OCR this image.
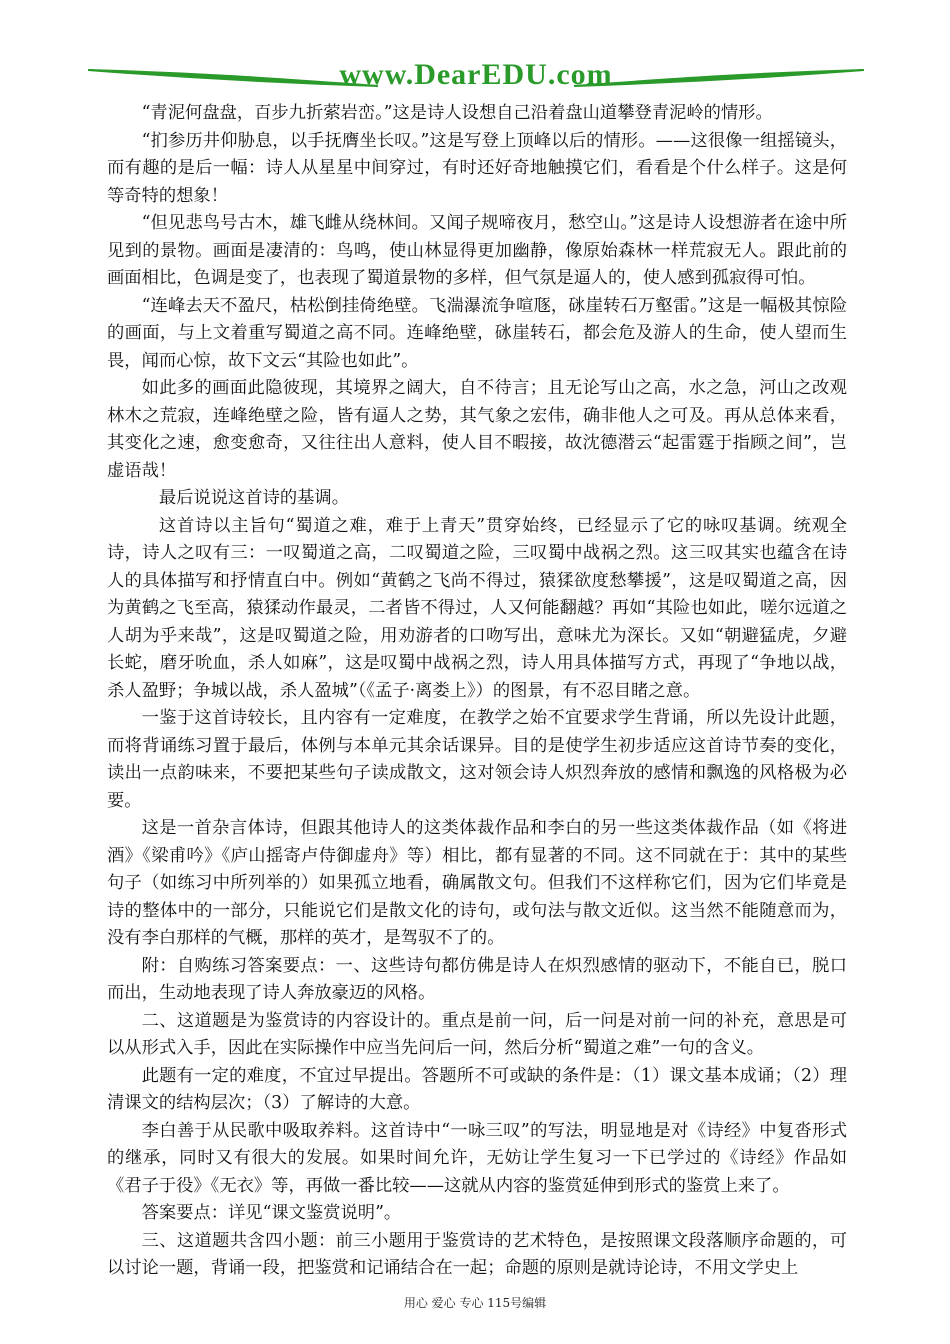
www.DearEDU.com

“青泥何盘盘，百步九折萦岩峦。”这是诗人设想自己沿着盘山道攀登青泥岭的情形。

“扪参历井仰胁息，以手抚膺坐长叹。”这是写登上顶峰以后的情形。——这很像一组摇镜头，而有趣的是后一幅：诗人从星星中间穿过，有时还好奇地触摸它们，看看是个什么样子。这是何等奇特的想象！

“但见悲鸟号古木，雄飞雌从绕林间。又闻子规啼夜月，愁空山。”这是诗人设想游者在途中所见到的景物。画面是凄清的：鸟鸣，使山林显得更加幽静，像原始森林一样荒寂无人。跟此前的画面相比，色调是变了，也表现了蜀道景物的多样，但气氛是逼人的，使人感到孤寂得可怕。

“连峰去天不盈尺，枯松倒挂倚绝壁。飞湍瀑流争喧豗，砯崖转石万壑雷。”这是一幅极其惊险的画面，与上文着重写蜀道之高不同。连峰绝壁，砯崖转石，都会危及游人的生命，使人望而生畏，闻而心惊，故下文云“其险也如此”。

如此多的画面此隐彼现，其境界之阔大，自不待言；且无论写山之高，水之急，河山之改观林木之荒寂，连峰绝壁之险，皆有逼人之势，其气象之宏伟，确非他人之可及。再从总体来看，其变化之速，愈变愈奇，又往往出人意料，使人目不暇接，故沈德潜云“起雷霆于指顾之间”，岂虚语哉！

最后说说这首诗的基调。

这首诗以主旨句“蜀道之难，难于上青天”贯穿始终，已经显示了它的咏叹基调。统观全诗，诗人之叹有三：一叹蜀道之高，二叹蜀道之险，三叹蜀中战祸之烈。这三叹其实也蕴含在诗人的具体描写和抒情直白中。例如“黄鹤之飞尚不得过，猿猱欲度愁攀援”，这是叹蜀道之高，因为黄鹤之飞至高，猿猱动作最灵，二者皆不得过，人又何能翻越？再如“其险也如此，嗟尔远道之人胡为乎来哉”，这是叹蜀道之险，用劝游者的口吻写出，意味尤为深长。又如“朝避猛虎，夕避长蛇，磨牙吮血，杀人如麻”，这是叹蜀中战祸之烈，诗人用具体描写方式，再现了“争地以战，杀人盈野；争城以战，杀人盈城”（《孟子·离娄上》）的图景，有不忍目睹之意。

一鉴于这首诗较长，且内容有一定难度，在教学之始不宜要求学生背诵，所以先设计此题，而将背诵练习置于最后，体例与本单元其余话课异。目的是使学生初步适应这首诗节奏的变化，读出一点韵味来，不要把某些句子读成散文，这对领会诗人炽烈奔放的感情和飘逸的风格极为必要。

这是一首杂言体诗，但跟其他诗人的这类体裁作品和李白的另一些这类体裁作品（如《将进酒》《梁甫吟》《庐山摇寄卢侍御虚舟》等）相比，都有显著的不同。这不同就在于：其中的某些句子（如练习中所列举的）如果孤立地看，确属散文句。但我们不这样称它们，因为它们毕竟是诗的整体中的一部分，只能说它们是散文化的诗句，或句法与散文近似。这当然不能随意而为，没有李白那样的气概，那样的英才，是驾驭不了的。

附：自购练习答案要点：一、这些诗句都仿佛是诗人在炽烈感情的驱动下，不能自已，脱口而出，生动地表现了诗人奔放豪迈的风格。

二、这道题是为鉴赏诗的内容设计的。重点是前一问，后一问是对前一问的补充，意思是可以从形式入手，因此在实际操作中应当先问后一问，然后分析“蜀道之难”一句的含义。

此题有一定的难度，不宜过早提出。答题所不可或缺的条件是：（1）课文基本成诵；（2）理清课文的结构层次；（3）了解诗的大意。

李白善于从民歌中吸取养料。这首诗中“一咏三叹”的写法，明显地是对《诗经》中复沓形式的继承，同时又有很大的发展。如果时间允许，无妨让学生复习一下已学过的《诗经》作品如《君子于役》《无衣》等，再做一番比较——这就从内容的鉴赏延伸到形式的鉴赏上来了。

答案要点：详见“课文鉴赏说明”。

三、这道题共含四小题：前三小题用于鉴赏诗的艺术特色，是按照课文段落顺序命题的，可以讨论一题，背诵一段，把鉴赏和记诵结合在一起；命题的原则是就诗论诗，不用文学史上

用心 爱心 专心 115号编辑
